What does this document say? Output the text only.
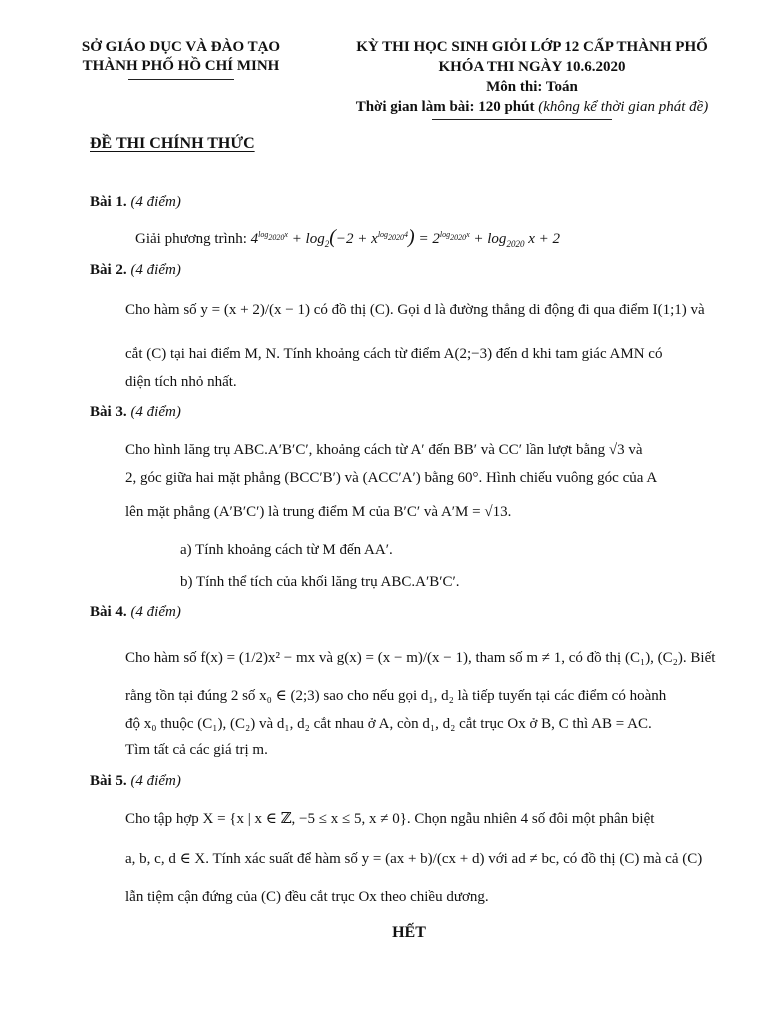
SỞ GIÁO DỤC VÀ ĐÀO TẠO
THÀNH PHỐ HỒ CHÍ MINH
KỲ THI HỌC SINH GIỎI LỚP 12 CẤP THÀNH PHỐ
KHÓA THI NGÀY 10.6.2020
Môn thi: Toán
Thời gian làm bài: 120 phút (không kể thời gian phát đề)
ĐỀ THI CHÍNH THỨC
Bài 1. (4 điểm)
Giải phương trình: $4^{log_{2020}x} + \log_2(-2 + x^{log_{2020}4}) = 2^{log_{2020}x} + \log_{2020} x + 2$
Bài 2. (4 điểm)
Cho hàm số y = (x + 2)/(x − 1) có đồ thị (C). Gọi d là đường thẳng di động đi qua điểm I(1;1) và
cắt (C) tại hai điểm M, N. Tính khoảng cách từ điểm A(2;−3) đến d khi tam giác AMN có
diện tích nhỏ nhất.
Bài 3. (4 điểm)
Cho hình lăng trụ ABC.A′B′C′, khoảng cách từ A′ đến BB′ và CC′ lần lượt bằng √3 và
2, góc giữa hai mặt phẳng (BCC′B′) và (ACC′A′) bằng 60°. Hình chiếu vuông góc của A
lên mặt phẳng (A′B′C′) là trung điểm M của B′C′ và A′M = √13.
a) Tính khoảng cách từ M đến AA′.
b) Tính thể tích của khối lăng trụ ABC.A′B′C′.
Bài 4. (4 điểm)
Cho hàm số f(x) = (1/2)x² − mx và g(x) = (x − m)/(x − 1), tham số m ≠ 1, có đồ thị (C₁), (C₂). Biết
rằng tồn tại đúng 2 số x₀ ∈ (2;3) sao cho nếu gọi d₁, d₂ là tiếp tuyến tại các điểm có hoành
độ x₀ thuộc (C₁), (C₂) và d₁, d₂ cắt nhau ở A, còn d₁, d₂ cắt trục Ox ở B, C thì AB = AC.
Tìm tất cả các giá trị m.
Bài 5. (4 điểm)
Cho tập hợp X = {x | x ∈ ℤ, −5 ≤ x ≤ 5, x ≠ 0}. Chọn ngẫu nhiên 4 số đôi một phân biệt
a, b, c, d ∈ X. Tính xác suất để hàm số y = (ax + b)/(cx + d) với ad ≠ bc, có đồ thị (C) mà cả (C)
lẫn tiệm cận đứng của (C) đều cắt trục Ox theo chiều dương.
HẾT
